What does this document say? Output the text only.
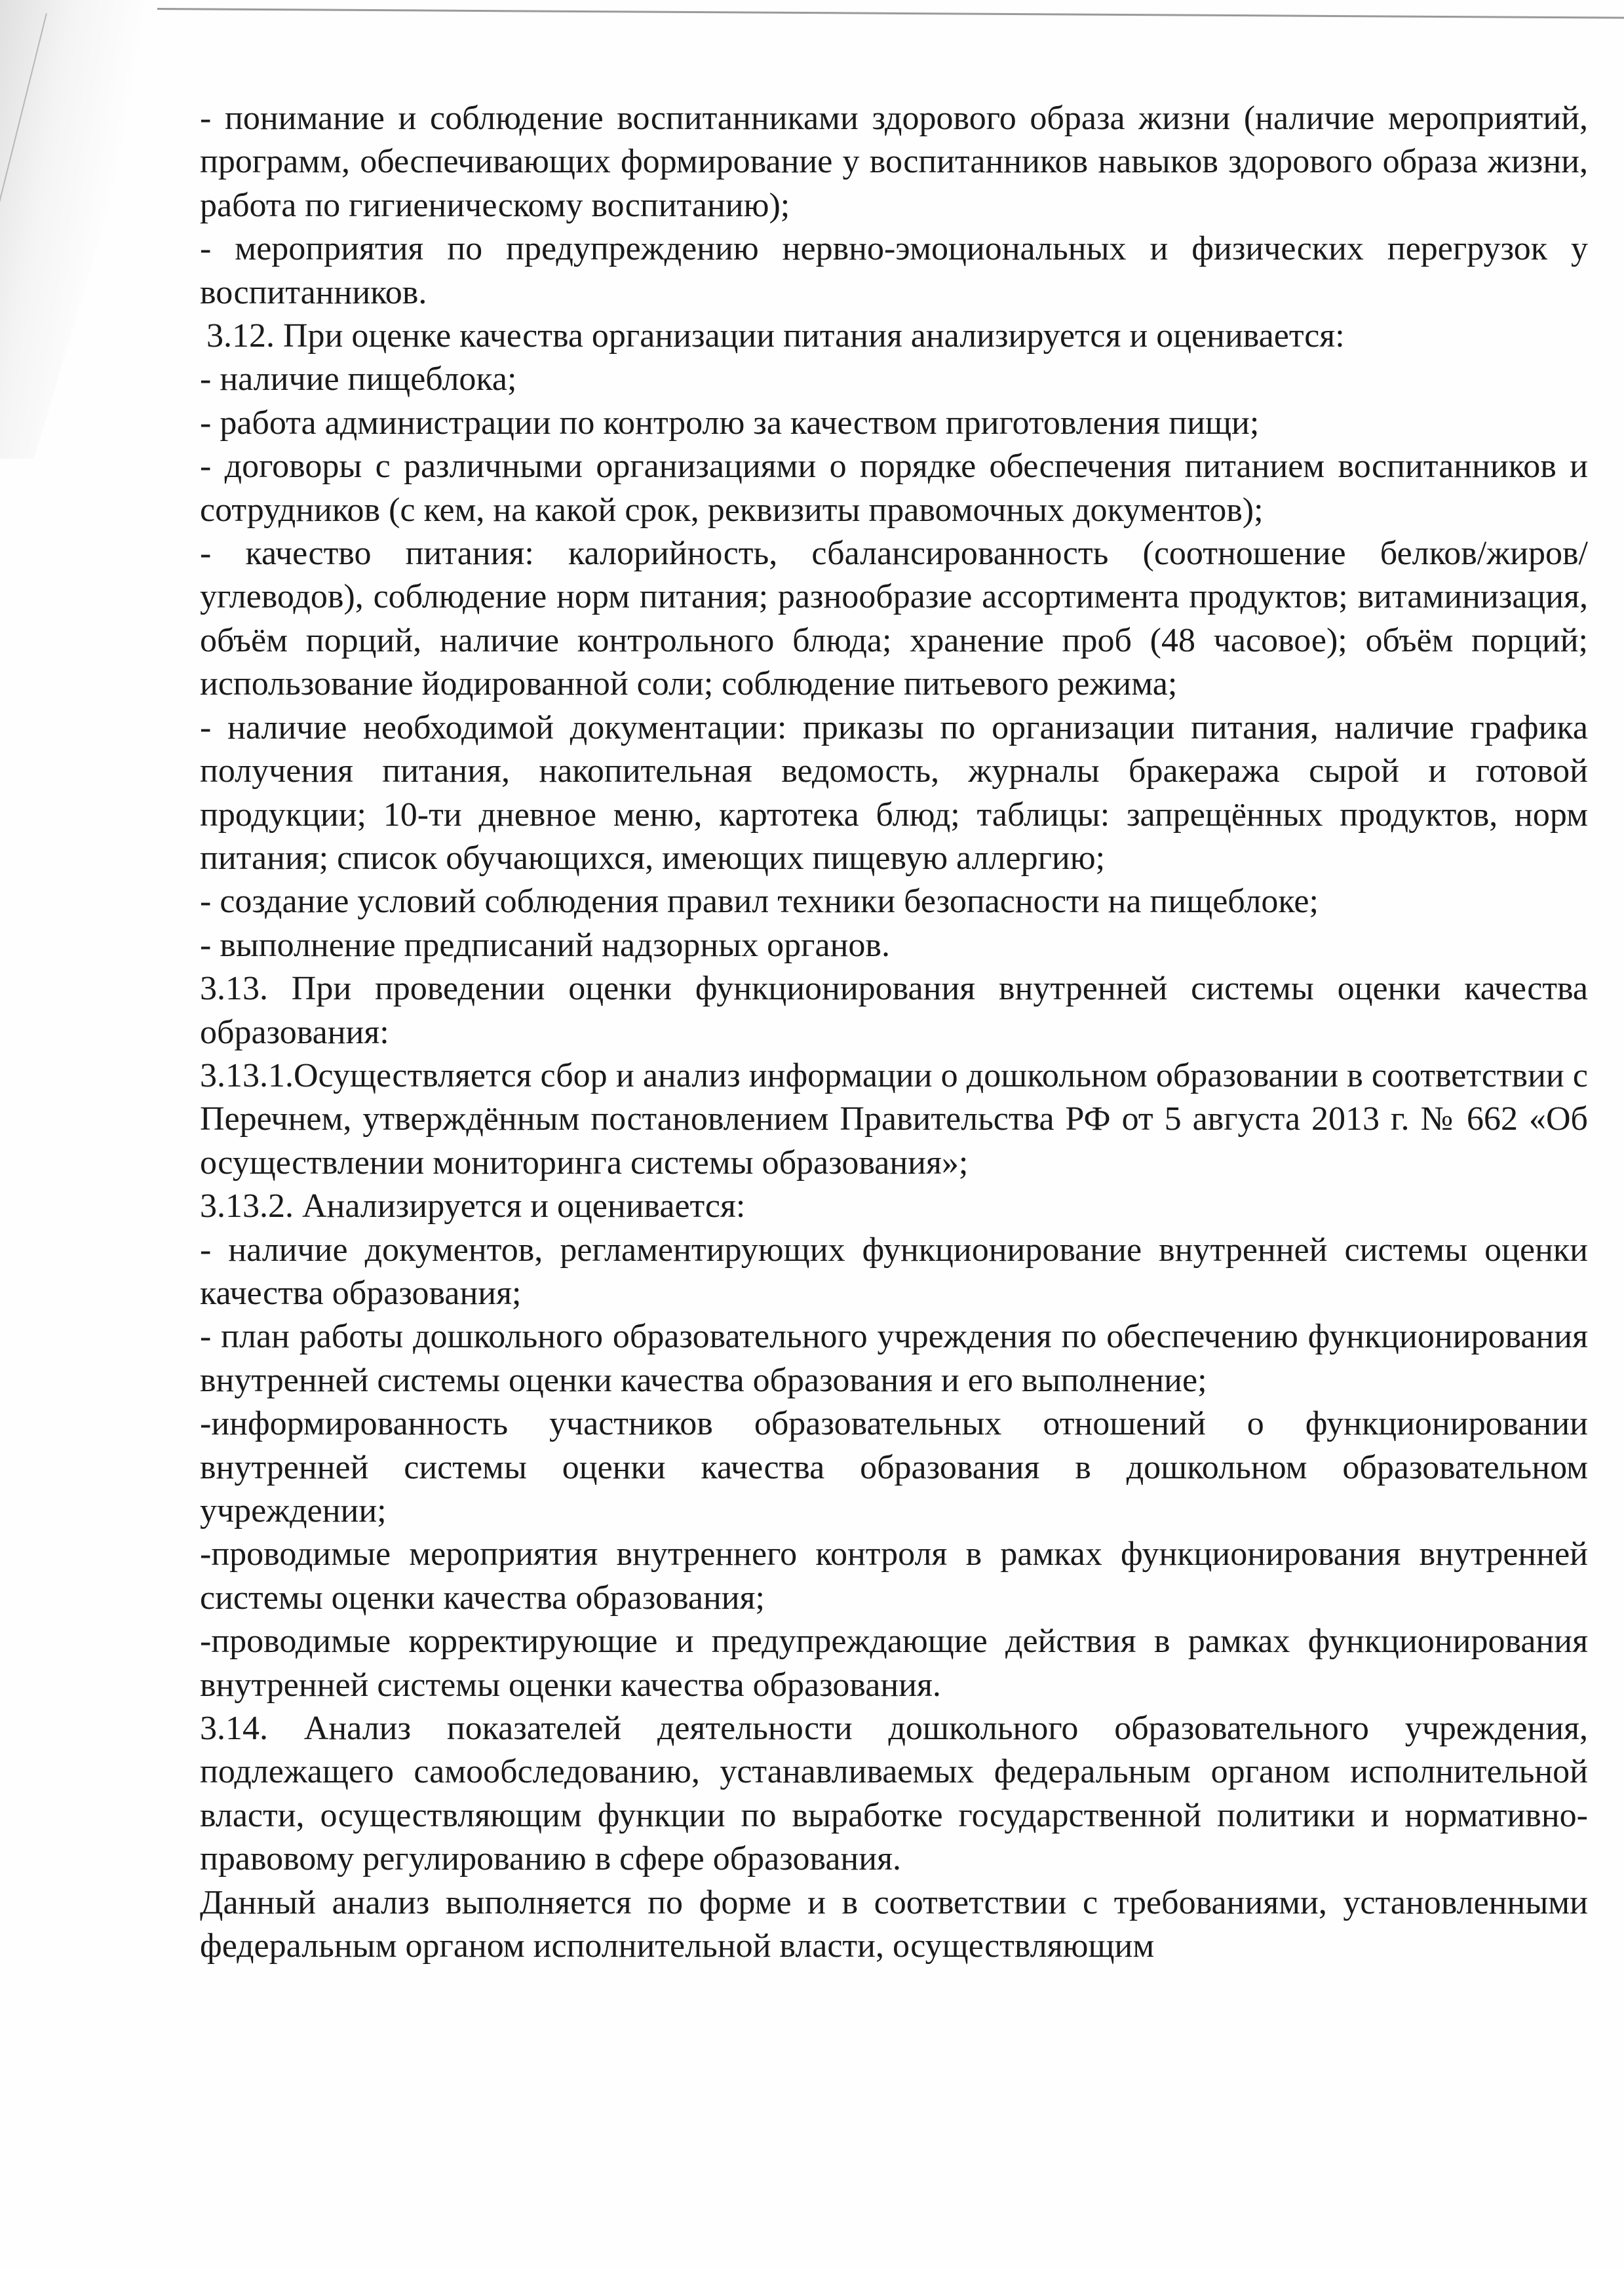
- понимание и соблюдение воспитанниками здорового образа жизни (наличие мероприятий, программ, обеспечивающих формирование у воспитанников навыков здорового образа жизни, работа по гигиеническому воспитанию);

- мероприятия по предупреждению нервно-эмоциональных и физических перегрузок у воспитанников.

3.12. При оценке качества организации питания анализируется и оценивается:

- наличие пищеблока;

- работа администрации по контролю за качеством приготовления пищи;

- договоры с различными организациями о порядке обеспечения питанием воспитанников и сотрудников (с кем, на какой срок, реквизиты правомочных документов);

- качество питания: калорийность, сбалансированность (соотношение белков/жиров/углеводов), соблюдение норм питания; разнообразие ассортимента продуктов; витаминизация, объём порций, наличие контрольного блюда; хранение проб (48 часовое); объём порций; использование йодированной соли; соблюдение питьевого режима;

- наличие необходимой документации: приказы по организации питания, наличие графика получения питания, накопительная ведомость, журналы бракеража сырой и готовой продукции; 10-ти дневное меню, картотека блюд; таблицы: запрещённых продуктов, норм питания; список обучающихся, имеющих пищевую аллергию;

- создание условий соблюдения правил техники безопасности на пищеблоке;

- выполнение предписаний надзорных органов.

3.13. При проведении оценки функционирования внутренней системы оценки качества образования:

3.13.1.Осуществляется сбор и анализ информации о дошкольном образовании в соответствии с Перечнем, утверждённым постановлением Правительства РФ от 5 августа 2013 г. № 662 «Об осуществлении мониторинга системы образования»;

3.13.2. Анализируется и оценивается:

- наличие документов, регламентирующих функционирование внутренней системы оценки качества образования;

- план работы дошкольного образовательного учреждения по обеспечению функционирования внутренней системы оценки качества образования и его выполнение;

-информированность участников образовательных отношений о функционировании внутренней системы оценки качества образования в дошкольном образовательном учреждении;

-проводимые мероприятия внутреннего контроля в рамках функционирования внутренней системы оценки качества образования;

-проводимые корректирующие и предупреждающие действия в рамках функционирования внутренней системы оценки качества образования.

3.14. Анализ показателей деятельности дошкольного образовательного учреждения, подлежащего самообследованию, устанавливаемых федеральным органом исполнительной власти, осуществляющим функции по выработке государственной политики и нормативно-правовому регулированию в сфере образования.

Данный анализ выполняется по форме и в соответствии с требованиями, установленными федеральным органом исполнительной власти, осуществляющим
